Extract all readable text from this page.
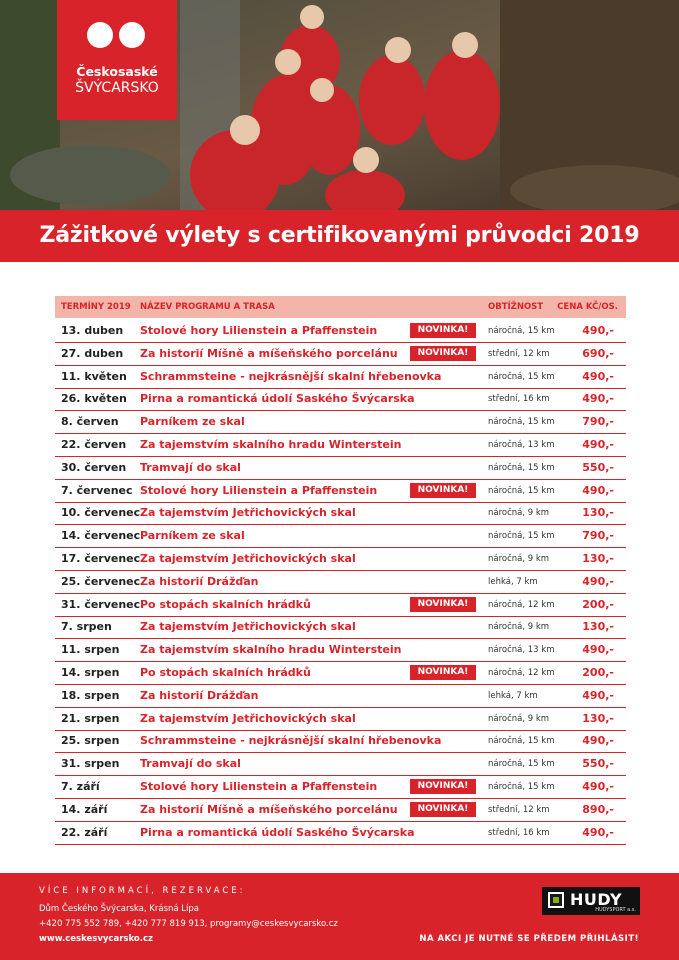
Českosaské
ŠVÝCARSKO
Zážitkové výlety s certifikovanými průvodci 2019
TERMÍNY 2019 NÁZEV PROGRAMU A TRASA	OBTÍŽNOST CENA KČ/OS.
13. duben Stolové hory Lilienstein a Pfaffenstein	NOVINKA!	náročná, 15 km	490,-
27. duben Za historií Míšně a míšeňského porcelánu	NOVINKA!	střední, 12 km	690,-
11. květen Schrammsteine - nejkrásnější skalní hřebenovka	náročná, 15 km	490,-
26. květen Pirna a romantická údolí Saského Švýcarska	střední, 16 km	490,-
8. červen Parníkem ze skal	náročná, 15 km	790,-
22. červen Za tajemstvím skalního hradu Winterstein	náročná, 13 km	490,-
30. červen Tramvají do skal	náročná, 15 km	550,-
7. červenec Stolové hory Lilienstein a Pfaffenstein	NOVINKA!	náročná, 15 km	490,-
10. červenec Za tajemstvím Jetřichovických skal	náročná, 9 km	130,-
14. červenec Parníkem ze skal	náročná, 15 km	790,-
17. červenec Za tajemstvím Jetřichovických skal	náročná, 9 km	130,-
25. červenec Za historií Drážďan	lehká, 7 km	490,-
31. červenec Po stopách skalních hrádků	NOVINKA!	náročná, 12 km	200,-
7. srpen	Za tajemstvím Jetřichovických skal	náročná, 9 km	130,-
11. srpen Za tajemstvím skalního hradu Winterstein	náročná, 13 km	490,-
14. srpen Po stopách skalních hrádků	NOVINKA!	náročná, 12 km	200,-
18. srpen Za historií Drážďan	lehká, 7 km	490,-
21. srpen Za tajemstvím Jetřichovických skal	náročná, 9 km	130,-
25. srpen Schrammsteine - nejkrásnější skalní hřebenovka	náročná, 15 km	490,-
31. srpen Tramvají do skal	náročná, 15 km	550,-
7. září	Stolové hory Lilienstein a Pfaffenstein	NOVINKA!	náročná, 15 km	490,-
14. září	Za historií Míšně a míšeňského porcelánu	NOVINKA!	střední, 12 km	890,-
22. září	Pirna a romantická údolí Saského Švýcarska	střední, 16 km	490,-
VÍCE INFORMACÍ, REZERVACE:
Dům Českého Švýcarska, Krásná Lípa
+420 775 552 789, +420 777 819 913, programy@ceskesvycarsko.cz
www.ceskesvycarsko.cz
HUDY
HUDYSPORT a.s.
NA AKCI JE NUTNÉ SE PŘEDEM PŘIHLÁSIT!
